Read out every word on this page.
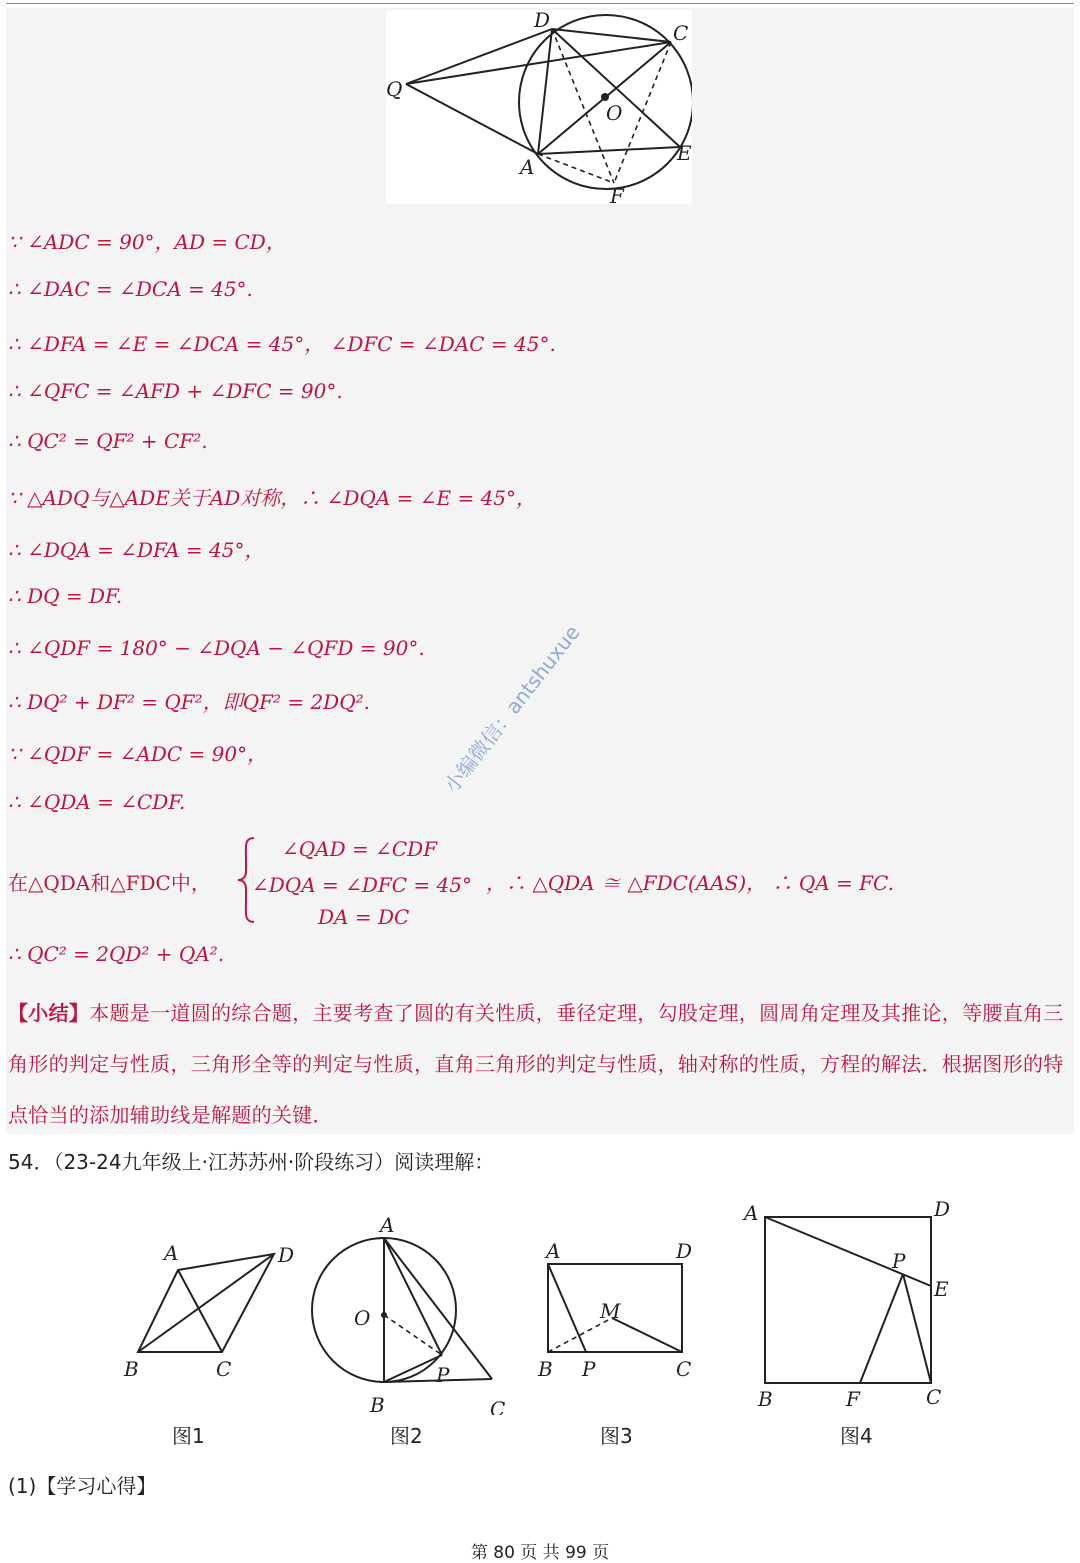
D
C
Q
O
A
E
F
∵ ∠ADC = 90°，AD = CD，
∴ ∠DAC = ∠DCA = 45°.
∴ ∠DFA = ∠E = ∠DCA = 45°， ∠DFC = ∠DAC = 45°.
∴ ∠QFC = ∠AFD + ∠DFC = 90°.
∴ QC² = QF² + CF².
∵ △ADQ与△ADE关于AD对称，∴ ∠DQA = ∠E = 45°，
∴ ∠DQA = ∠DFA = 45°，
∴ DQ = DF.
∴ ∠QDF = 180° − ∠DQA − ∠QFD = 90°.
∴ DQ² + DF² = QF²，即QF² = 2DQ².
∵ ∠QDF = ∠ADC = 90°，
∴ ∠QDA = ∠CDF.
在△QDA和△FDC中，
∠QAD = ∠CDF
∠DQA = ∠DFC = 45°
DA = DC
，∴ △QDA ≅ △FDC(AAS)， ∴ QA = FC.
∴ QC² = 2QD² + QA².
【小结】本题是一道圆的综合题，主要考查了圆的有关性质，垂径定理，勾股定理，圆周角定理及其推论，等腰直角三角形的判定与性质，三角形全等的判定与性质，直角三角形的判定与性质，轴对称的性质，方程的解法．根据图形的特点恰当的添加辅助线是解题的关键．
小编微信：antshuxue
54．（23-24九年级上·江苏苏州·阶段练习）阅读理解：
A	D
B	C
A
O
P
B	C
A	D
M
B P	C
A	D
P
E
B	F	C
图1	图2	图3	图4
(1)【学习心得】
第 80 页 共 99 页
